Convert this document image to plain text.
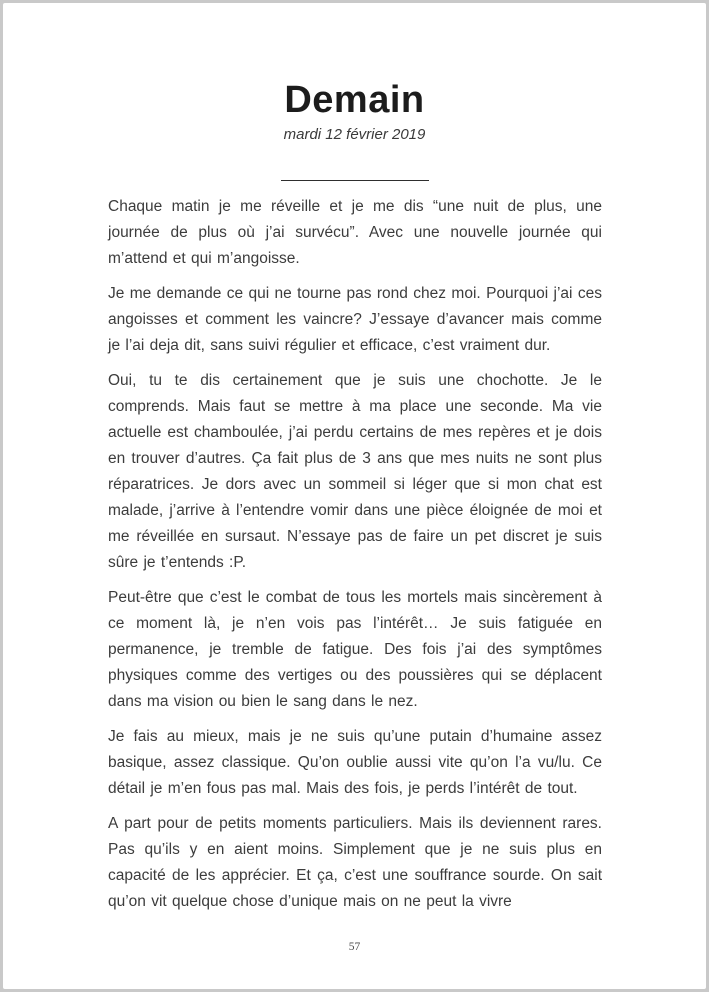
Demain
mardi 12 février 2019

Chaque matin je me réveille et je me dis “une nuit de plus, une journée de plus où j’ai survécu”. Avec une nouvelle journée qui m’attend et qui m’angoisse.

Je me demande ce qui ne tourne pas rond chez moi. Pourquoi j’ai ces angoisses et comment les vaincre? J’essaye d’avancer mais comme je l’ai deja dit, sans suivi régulier et efficace, c’est vraiment dur.

Oui, tu te dis certainement que je suis une chochotte. Je le comprends. Mais faut se mettre à ma place une seconde. Ma vie actuelle est chamboulée, j’ai perdu certains de mes repères et je dois en trouver d’autres. Ça fait plus de 3 ans que mes nuits ne sont plus réparatrices. Je dors avec un sommeil si léger que si mon chat est malade, j’arrive à l’entendre vomir dans une pièce éloignée de moi et me réveillée en sursaut. N’essaye pas de faire un pet discret je suis sûre je t’entends :P.

Peut-être que c’est le combat de tous les mortels mais sincèrement à ce moment là, je n’en vois pas l’intérêt… Je suis fatiguée en permanence, je tremble de fatigue. Des fois j’ai des symptômes physiques comme des vertiges ou des poussières qui se déplacent dans ma vision ou bien le sang dans le nez.

Je fais au mieux, mais je ne suis qu’une putain d’humaine assez basique, assez classique. Qu’on oublie aussi vite qu’on l’a vu/lu. Ce détail je m’en fous pas mal. Mais des fois, je perds l’intérêt de tout.

A part pour de petits moments particuliers. Mais ils deviennent rares. Pas qu’ils y en aient moins. Simplement que je ne suis plus en capacité de les apprécier. Et ça, c’est une souffrance sourde. On sait qu’on vit quelque chose d’unique mais on ne peut la vivre

57
